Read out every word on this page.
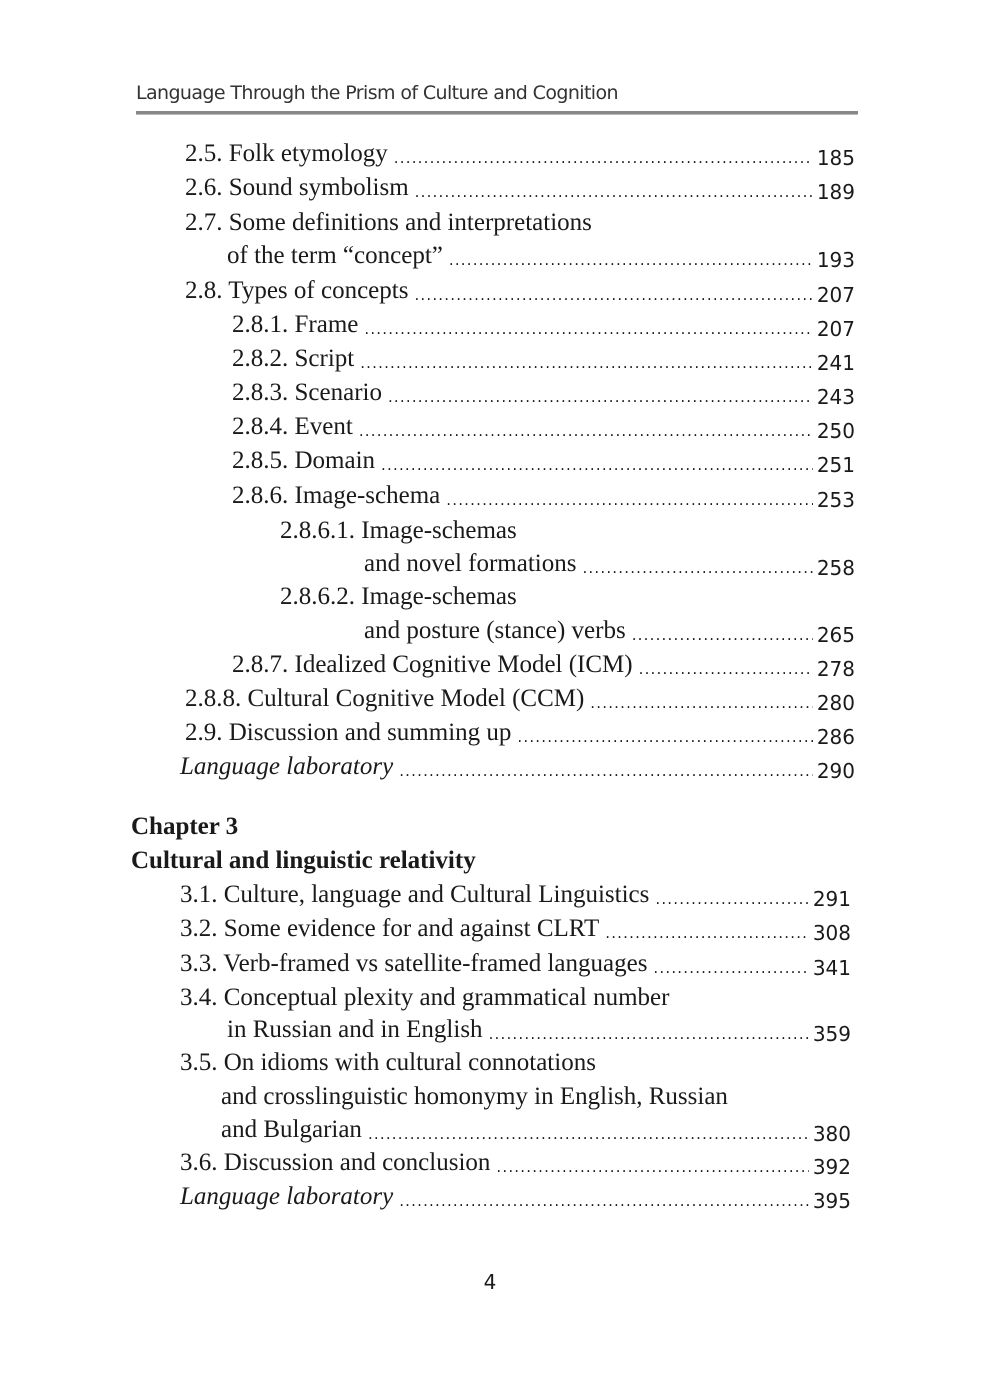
Language Through the Prism of Culture and Cognition
2.5. Folk etymology .....	185
2.6. Sound symbolism .....	189
2.7. Some definitions and interpretations
of the term “concept” .....	193
2.8. Types of concepts .....	207
2.8.1. Frame .....	207
2.8.2. Script .....	241
2.8.3. Scenario .....	243
2.8.4. Event .....	250
2.8.5. Domain .....	251
2.8.6. Image-schema .....	253
2.8.6.1. Image-schemas
and novel formations .....	258
2.8.6.2. Image-schemas
and posture (stance) verbs .....	265
2.8.7. Idealized Cognitive Model (ICM) .....	278
2.8.8. Cultural Cognitive Model (CCM) .....	280
2.9. Discussion and summing up .....	286
Language laboratory .....	290
3.1. Culture, language and Cultural Linguistics .....	291
3.2. Some evidence for and against CLRT .....	308
3.3. Verb-framed vs satellite-framed languages .....	341
3.4. Conceptual plexity and grammatical number
in Russian and in English .....	359
3.5. On idioms with cultural connotations
and crosslinguistic homonymy in English, Russian
and Bulgarian .....	380
3.6. Discussion and conclusion .....	392
Language laboratory .....	395
Chapter 3
Cultural and linguistic relativity
4
